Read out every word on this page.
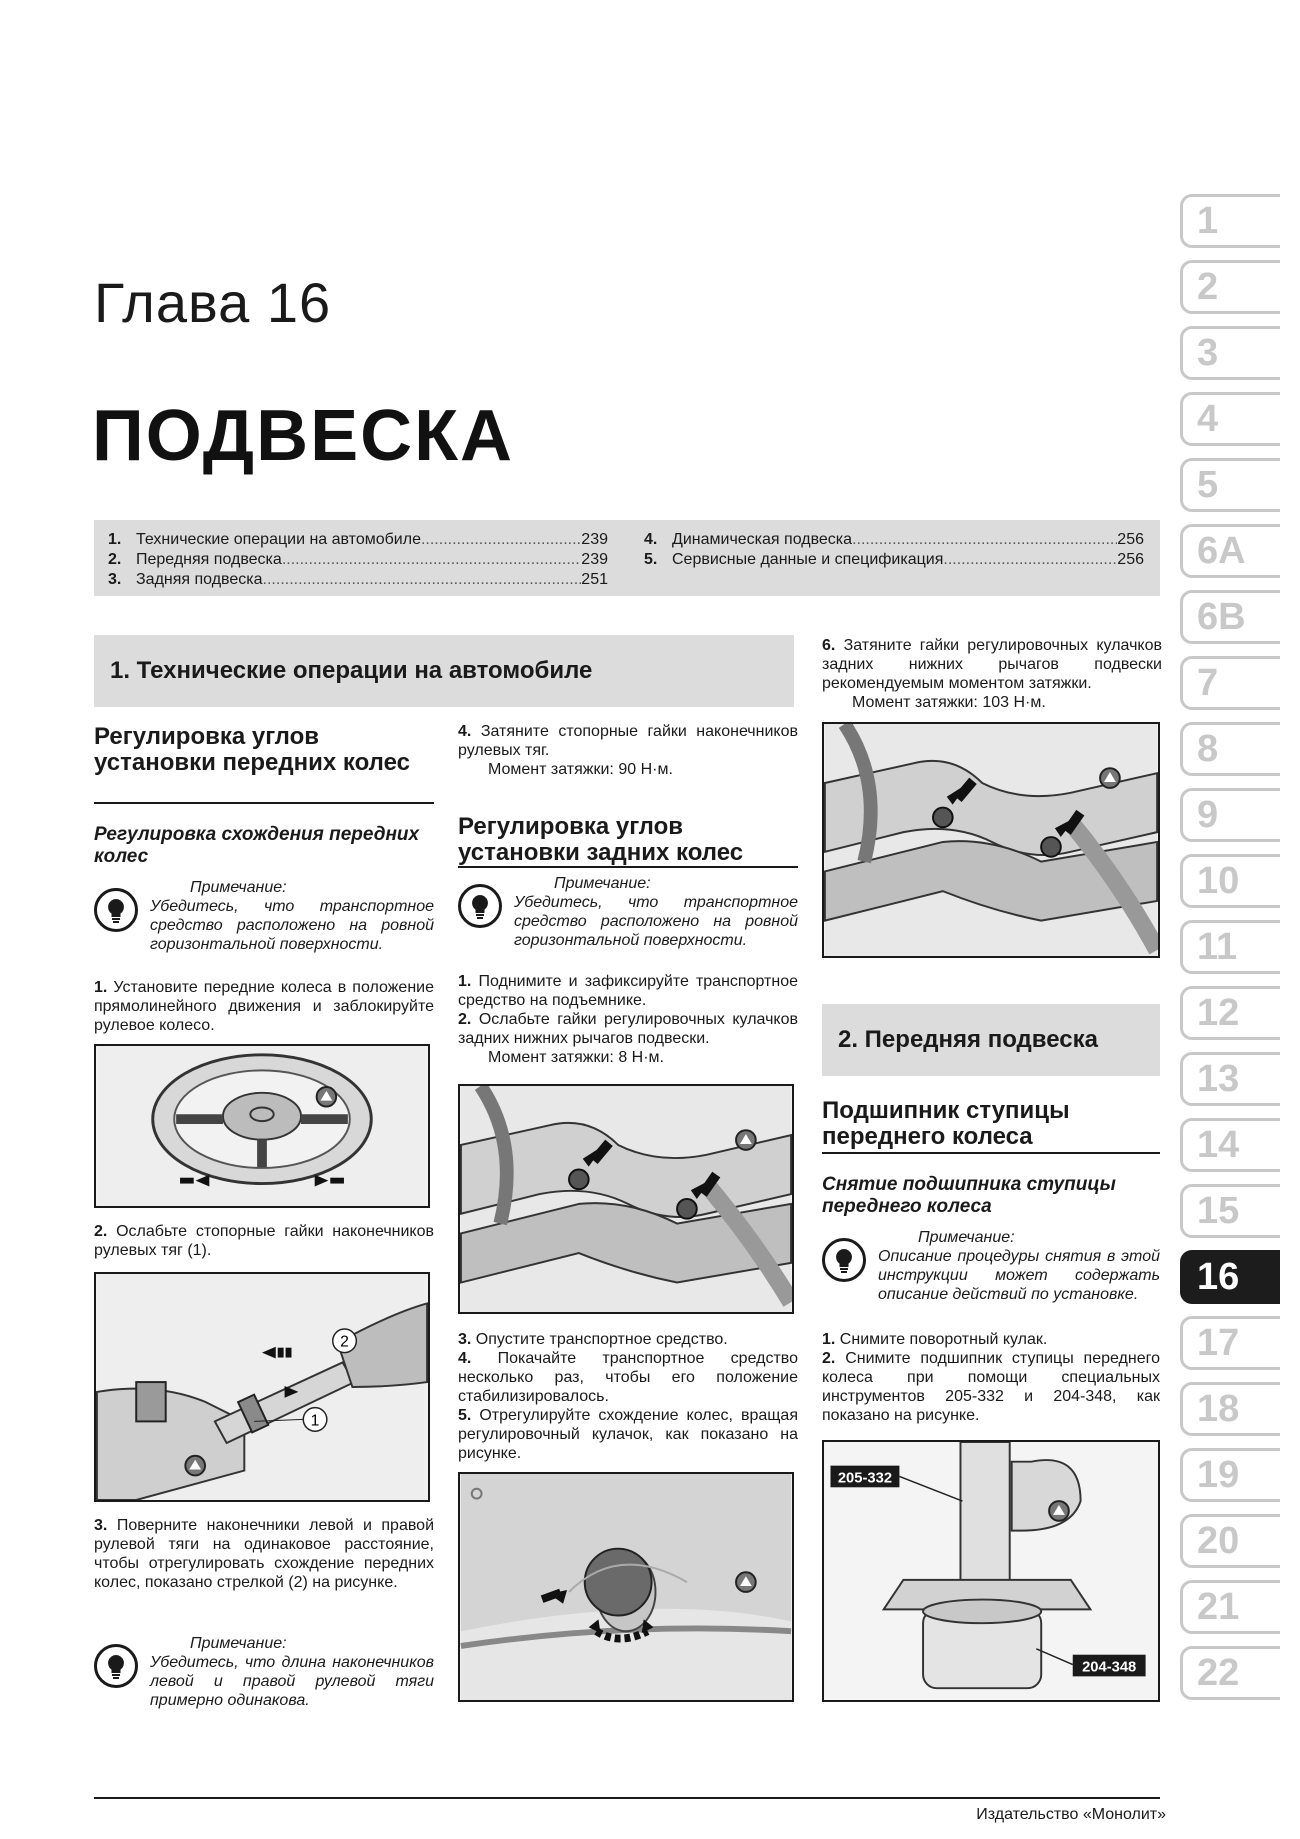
Глава 16
ПОДВЕСКА
1. Технические операции на автомобиле .....	239
2. Передняя подвеска .....	239
3. Задняя подвеска .....	251
4. Динамическая подвеска .....	256
5. Сервисные данные и спецификация .....	256
1. Технические операции на автомобиле
Регулировка углов установки передних колес
Регулировка схождения передних колес
Примечание:
Убедитесь, что транспортное средство расположено на ровной горизонтальной поверхности.
1. Установите передние колеса в положение прямолинейного движения и заблокируйте рулевое колесо.
2. Ослабьте стопорные гайки наконечников рулевых тяг (1).
2
1
3. Поверните наконечники левой и правой рулевой тяги на одинаковое расстояние, чтобы отрегулировать схождение передних колес, показано стрелкой (2) на рисунке.
Примечание:
Убедитесь, что длина наконечников левой и правой рулевой тяги примерно одинакова.
4. Затяните стопорные гайки наконечников рулевых тяг.
Момент затяжки: 90 Н·м.
Регулировка углов установки задних колес
Примечание:
Убедитесь, что транспортное средство расположено на ровной горизонтальной поверхности.
1. Поднимите и зафиксируйте транспортное средство на подъемнике.
2. Ослабьте гайки регулировочных кулачков задних нижних рычагов подвески.
Момент затяжки: 8 Н·м.
3. Опустите транспортное средство.
4. Покачайте транспортное средство несколько раз, чтобы его положение стабилизировалось.
5. Отрегулируйте схождение колес, вращая регулировочный кулачок, как показано на рисунке.
6. Затяните гайки регулировочных кулачков задних нижних рычагов подвески рекомендуемым моментом затяжки.
Момент затяжки: 103 Н·м.
2. Передняя подвеска
Подшипник ступицы переднего колеса
Снятие подшипника ступицы переднего колеса
Примечание:
Описание процедуры снятия в этой инструкции может содержать описание действий по установке.
1. Снимите поворотный кулак.
2. Снимите подшипник ступицы переднего колеса при помощи специальных инструментов 205-332 и 204-348, как показано на рисунке.
205-332
204-348
1
2
3
4
5
6A
6B
7
8
9
10
11
12
13
14
15
16
17
18
19
20
21
22
Издательство «Монолит»
